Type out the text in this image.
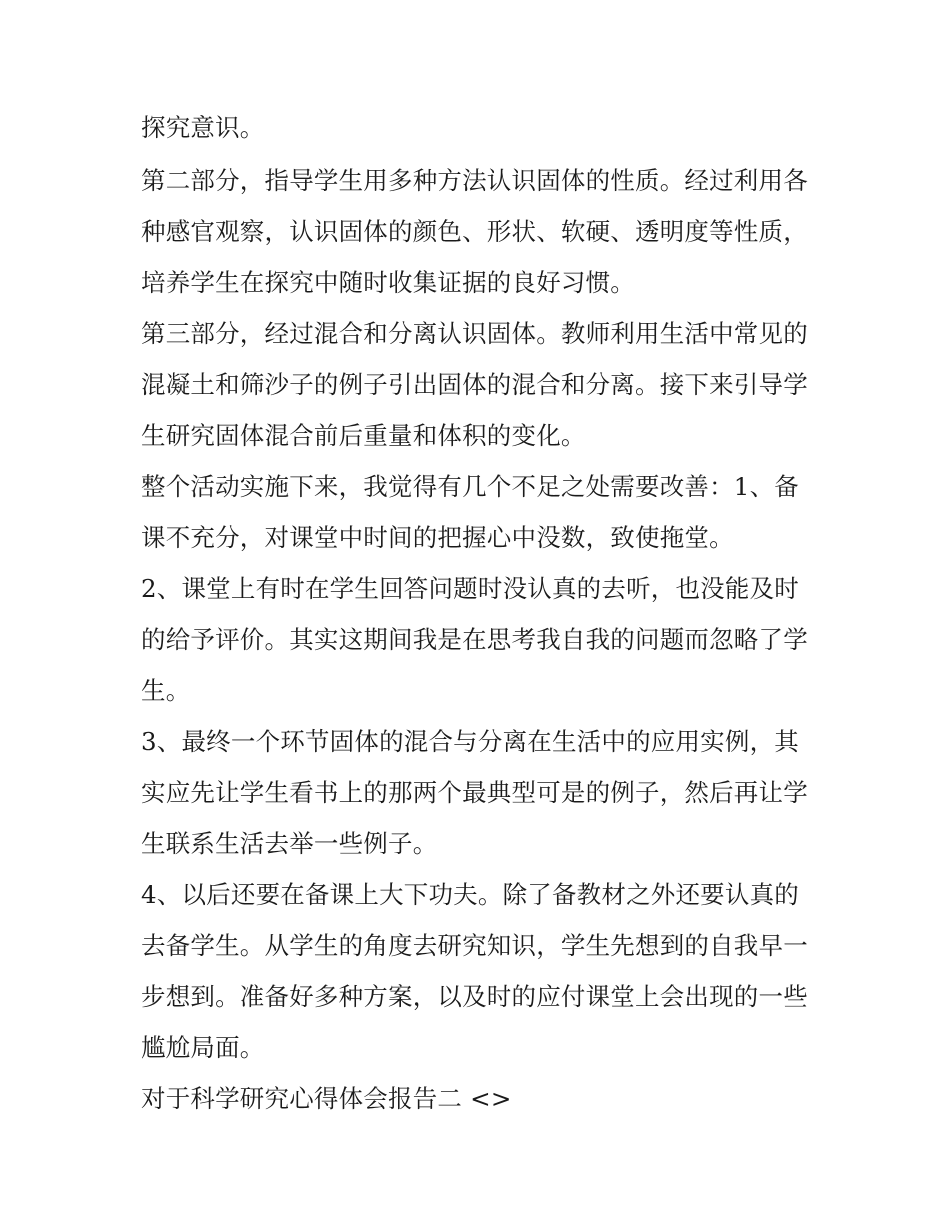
探究意识。
第二部分，指导学生用多种方法认识固体的性质。经过利用各
种感官观察，认识固体的颜色、形状、软硬、透明度等性质，
培养学生在探究中随时收集证据的良好习惯。
第三部分，经过混合和分离认识固体。教师利用生活中常见的
混凝土和筛沙子的例子引出固体的混合和分离。接下来引导学
生研究固体混合前后重量和体积的变化。
整个活动实施下来，我觉得有几个不足之处需要改善：1、备
课不充分，对课堂中时间的把握心中没数，致使拖堂。
2、课堂上有时在学生回答问题时没认真的去听，也没能及时
的给予评价。其实这期间我是在思考我自我的问题而忽略了学
生。
3、最终一个环节固体的混合与分离在生活中的应用实例，其
实应先让学生看书上的那两个最典型可是的例子，然后再让学
生联系生活去举一些例子。
4、以后还要在备课上大下功夫。除了备教材之外还要认真的
去备学生。从学生的角度去研究知识，学生先想到的自我早一
步想到。准备好多种方案，以及时的应付课堂上会出现的一些
尴尬局面。
对于科学研究心得体会报告二 <>
